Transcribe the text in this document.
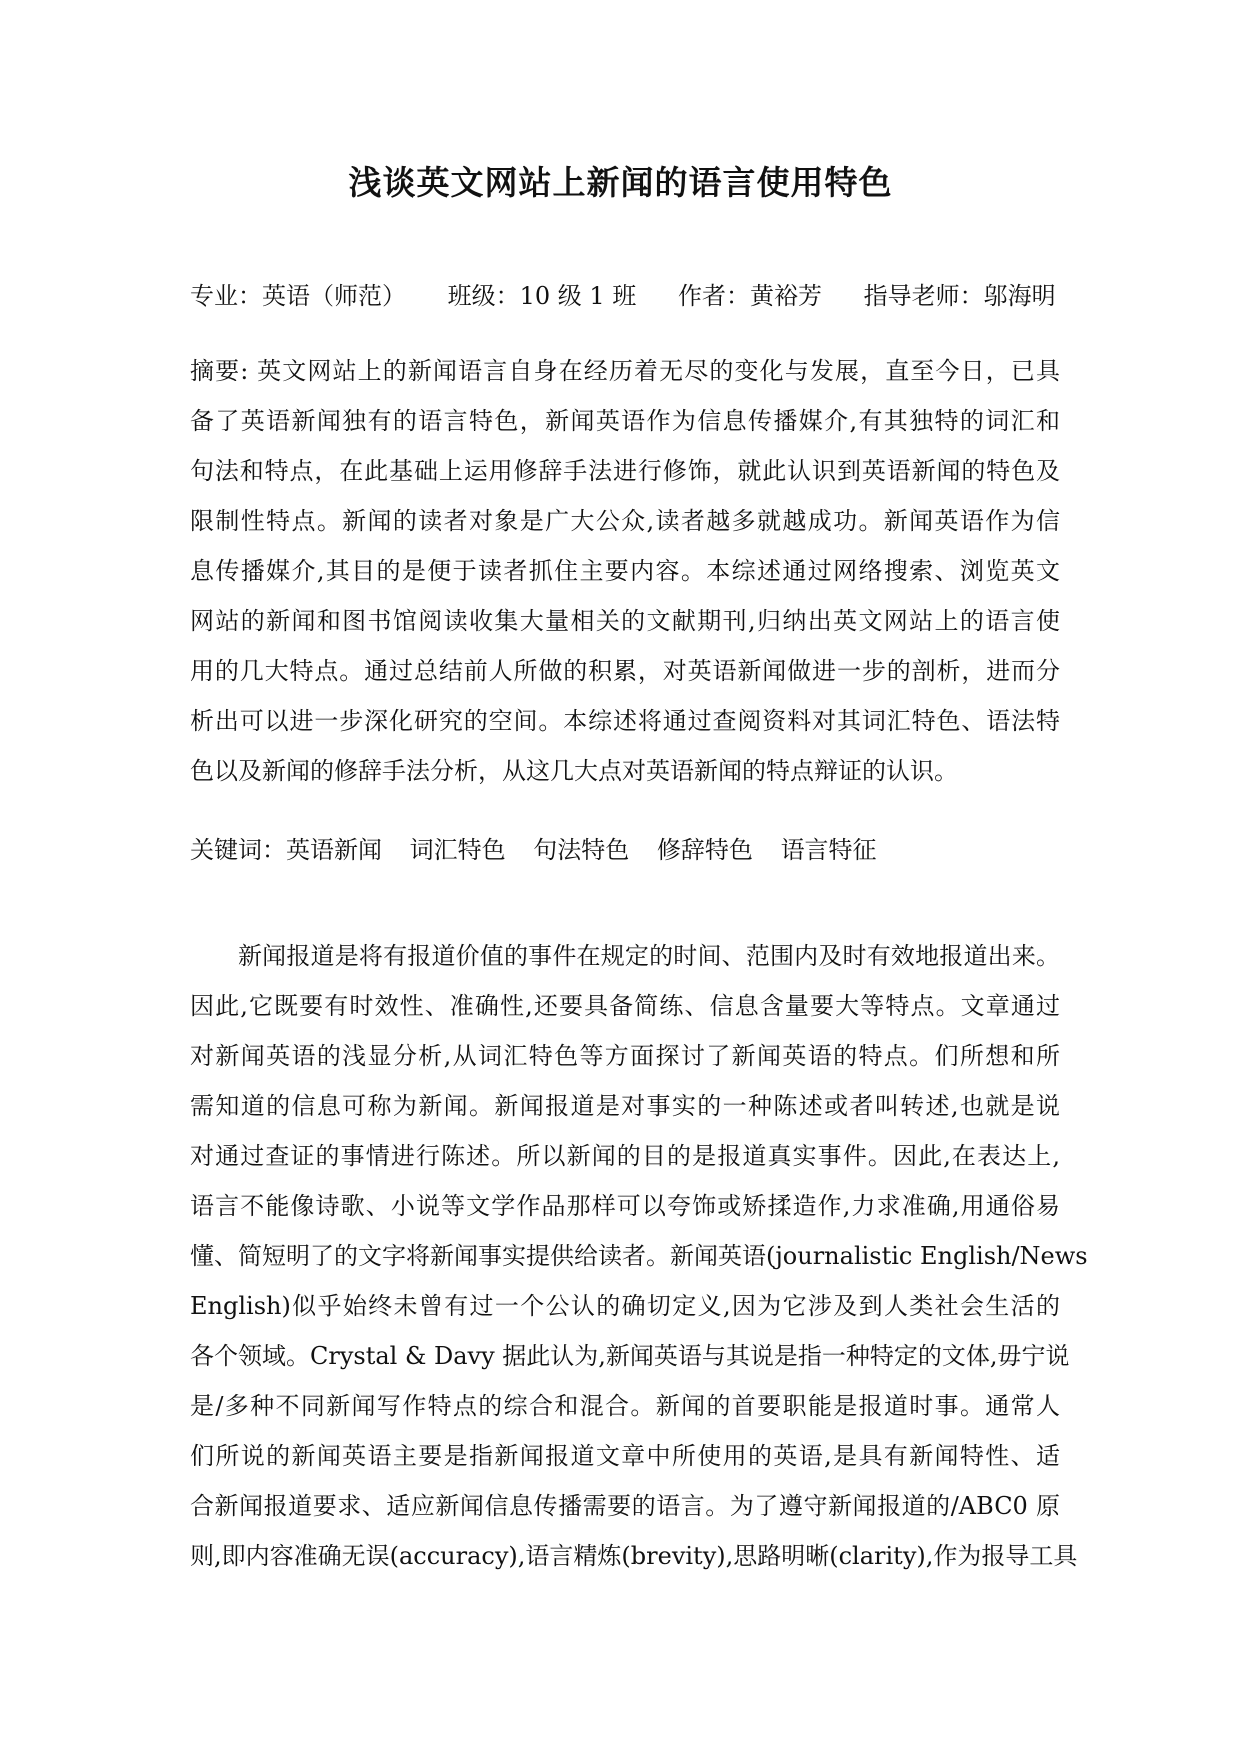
浅谈英文网站上新闻的语言使用特色
专业：英语（师范） 班级：10 级 1 班 作者：黄裕芳 指导老师：邬海明
摘要: 英文网站上的新闻语言自身在经历着无尽的变化与发展，直至今日，已具
备了英语新闻独有的语言特色，新闻英语作为信息传播媒介,有其独特的词汇和
句法和特点，在此基础上运用修辞手法进行修饰，就此认识到英语新闻的特色及
限制性特点。新闻的读者对象是广大公众,读者越多就越成功。新闻英语作为信
息传播媒介,其目的是便于读者抓住主要内容。本综述通过网络搜索、浏览英文
网站的新闻和图书馆阅读收集大量相关的文献期刊,归纳出英文网站上的语言使
用的几大特点。通过总结前人所做的积累，对英语新闻做进一步的剖析，进而分
析出可以进一步深化研究的空间。本综述将通过查阅资料对其词汇特色、语法特
色以及新闻的修辞手法分析，从这几大点对英语新闻的特点辩证的认识。
关键词：英语新闻 词汇特色 句法特色 修辞特色 语言特征
新闻报道是将有报道价值的事件在规定的时间、范围内及时有效地报道出来。
因此,它既要有时效性、准确性,还要具备简练、信息含量要大等特点。文章通过
对新闻英语的浅显分析,从词汇特色等方面探讨了新闻英语的特点。们所想和所
需知道的信息可称为新闻。新闻报道是对事实的一种陈述或者叫转述,也就是说
对通过查证的事情进行陈述。所以新闻的目的是报道真实事件。因此,在表达上,
语言不能像诗歌、小说等文学作品那样可以夸饰或矫揉造作,力求准确,用通俗易
懂、简短明了的文字将新闻事实提供给读者。新闻英语(journalistic English/News
English)似乎始终未曾有过一个公认的确切定义,因为它涉及到人类社会生活的
各个领域。Crystal & Davy 据此认为,新闻英语与其说是指一种特定的文体,毋宁说
是/多种不同新闻写作特点的综合和混合。新闻的首要职能是报道时事。通常人
们所说的新闻英语主要是指新闻报道文章中所使用的英语,是具有新闻特性、适
合新闻报道要求、适应新闻信息传播需要的语言。为了遵守新闻报道的/ABC0 原
则,即内容准确无误(accuracy),语言精炼(brevity),思路明晰(clarity),作为报导工具
